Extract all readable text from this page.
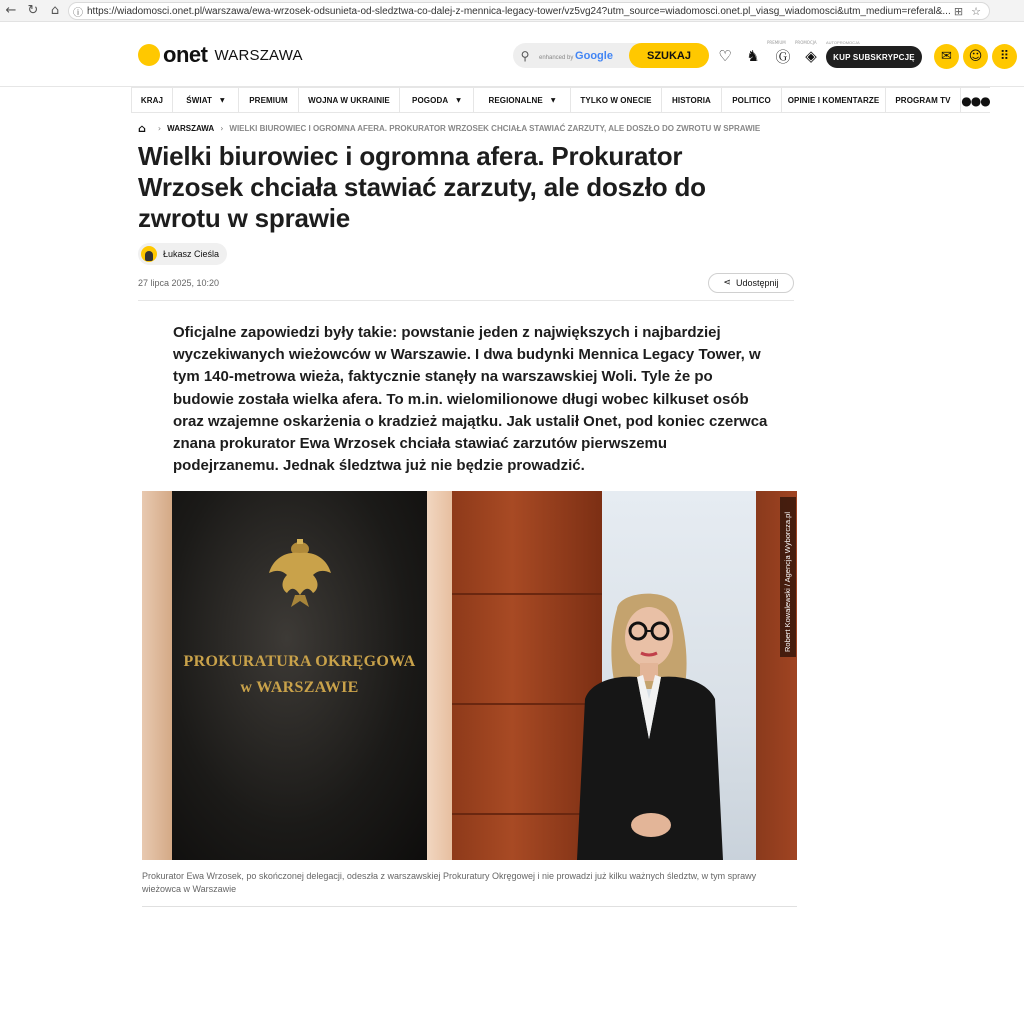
← ↻ ⌂	ⓘ https://wiadomosci.onet.pl/warszawa/ewa-wrzosek-odsunieta-od-sledztwa-co-dalej-z-mennica-legacy-tower/vz5vg24?utm_source=wiadomosci.onet.pl_viasg_wiadomosci&utm_medium=referal&... ⊞ ☆
onet WARSZAWA	⚲	enhanced by Google	SZUKAJ	♡ ♞
PREMIUM
Ⓖ
PROMOCJA
◈
AUTOPROMOCJA
KUP SUBSKRYPCJĘ	✉	☺	⠿
KRAJ	ŚWIAT ▼	PREMIUM	WOJNA W UKRAINIE	POGODA ▼	REGIONALNE ▼	TYLKO W ONECIE	HISTORIA	POLITICO OPINIE I KOMENTARZE PROGRAM TV ●●●
⌂ › WARSZAWA › WIELKI BIUROWIEC I OGROMNA AFERA. PROKURATOR WRZOSEK CHCIAŁA STAWIAĆ ZARZUTY, ALE DOSZŁO DO ZWROTU W SPRAWIE
Wielki biurowiec i ogromna afera. Prokurator Wrzosek chciała stawiać zarzuty, ale doszło do zwrotu w sprawie
Łukasz Cieśla
27 lipca 2025, 10:20	⋖ Udostępnij

Oficjalne zapowiedzi były takie: powstanie jeden z największych i najbardziej wyczekiwanych wieżowców w Warszawie. I dwa budynki Mennica Legacy Tower, w tym 140-metrowa wieża, faktycznie stanęły na warszawskiej Woli. Tyle że po budowie została wielka afera. To m.in. wielomilionowe długi wobec kilkuset osób oraz wzajemne oskarżenia o kradzież majątku. Jak ustalił Onet, pod koniec czerwca znana prokurator Ewa Wrzosek chciała stawiać zarzutów pierwszemu podejrzanemu. Jednak śledztwa już nie będzie prowadzić.

PROKURATURA OKRĘGOWA
w WARSZAWIE
Robert Kowalewski / Agencja Wyborcza.pl

Prokurator Ewa Wrzosek, po skończonej delegacji, odeszła z warszawskiej Prokuratury Okręgowej i nie prowadzi już kilku ważnych śledztw, w tym sprawy wieżowca w Warszawie
